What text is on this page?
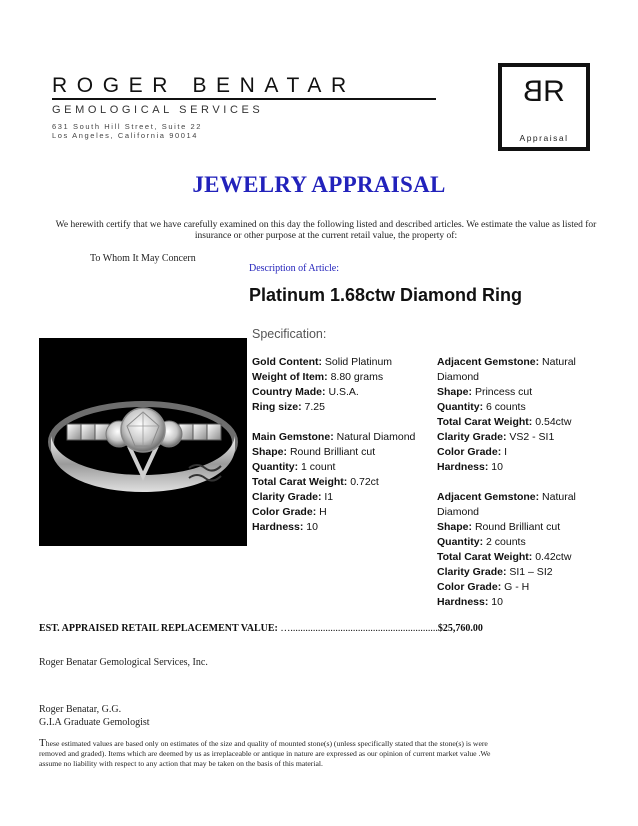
ROGER BENATAR
GEMOLOGICAL SERVICES
631 South Hill Street, Suite 22
Los Angeles, California 90014
BR
Appraisal
JEWELRY APPRAISAL
We herewith certify that we have carefully examined on this day the following listed and described articles. We estimate the value as listed for insurance or other purpose at the current retail value, the property of:
To Whom It May Concern
Description of Article:
Platinum 1.68ctw Diamond Ring
Specification:
Gold Content: Solid Platinum
Weight of Item: 8.80 grams
Country Made: U.S.A.
Ring size: 7.25
Main Gemstone: Natural Diamond
Shape: Round Brilliant cut
Quantity: 1 count
Total Carat Weight: 0.72ct
Clarity Grade: I1
Color Grade: H
Hardness: 10
Adjacent Gemstone: Natural Diamond
Shape: Princess cut
Quantity: 6 counts
Total Carat Weight: 0.54ctw
Clarity Grade: VS2 - SI1
Color Grade: I
Hardness: 10
Adjacent Gemstone: Natural Diamond
Shape: Round Brilliant cut
Quantity: 2 counts
Total Carat Weight: 0.42ctw
Clarity Grade: SI1 – SI2
Color Grade: G - H
Hardness: 10
EST. APPRAISED RETAIL REPLACEMENT VALUE: …...........................................................$25,760.00
Roger Benatar Gemological Services, Inc.
Roger Benatar, G.G.
G.I.A Graduate Gemologist
These estimated values are based only on estimates of the size and quality of mounted stone(s) (unless specifically stated that the stone(s) is were removed and graded). Items which are deemed by us as irreplaceable or antique in nature are expressed as our opinion of current market value .We assume no liability with respect to any action that may be taken on the basis of this material.
